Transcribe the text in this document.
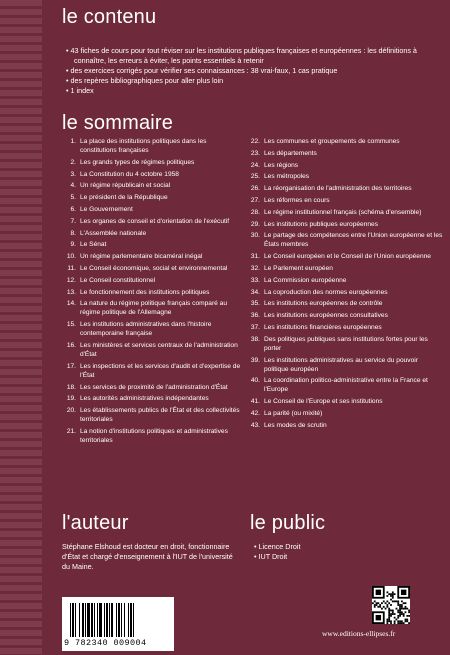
le contenu
• 43 fiches de cours pour tout réviser sur les institutions publiques françaises et européennes : les définitions à connaître, les erreurs à éviter, les points essentiels à retenir
• des exercices corrigés pour vérifier ses connaissances : 38 vrai-faux, 1 cas pratique
• des repères bibliographiques pour aller plus loin
• 1 index
le sommaire
1. La place des institutions politiques dans les constitutions françaises
2. Les grands types de régimes politiques
3. La Constitution du 4 octobre 1958
4. Un régime républicain et social
5. Le président de la République
6. Le Gouvernement
7. Les organes de conseil et d'orientation de l'exécutif
8. L'Assemblée nationale
9. Le Sénat
10. Un régime parlementaire bicaméral inégal
11. Le Conseil économique, social et environnemental
12. Le Conseil constitutionnel
13. Le fonctionnement des institutions politiques
14. La nature du régime politique français comparé au régime politique de l'Allemagne
15. Les institutions administratives dans l'histoire contemporaine française
16. Les ministères et services centraux de l'administration d'État
17. Les inspections et les services d'audit et d'expertise de l'État
18. Les services de proximité de l'administration d'État
19. Les autorités administratives indépendantes
20. Les établissements publics de l'État et des collectivités territoriales
21. La notion d'institutions politiques et administratives territoriales
22. Les communes et groupements de communes
23. Les départements
24. Les régions
25. Les métropoles
26. La réorganisation de l'administration des territoires
27. Les réformes en cours
28. Le régime institutionnel français (schéma d'ensemble)
29. Les institutions publiques européennes
30. Le partage des compétences entre l'Union européenne et les États membres
31. Le Conseil européen et le Conseil de l'Union européenne
32. Le Parlement européen
33. La Commission européenne
34. La coproduction des normes européennes
35. Les institutions européennes de contrôle
36. Les institutions européennes consultatives
37. Les institutions financières européennes
38. Des politiques publiques sans institutions fortes pour les porter
39. Les institutions administratives au service du pouvoir politique européen
40. La coordination politico-administrative entre la France et l'Europe
41. Le Conseil de l'Europe et ses institutions
42. La parité (ou mixité)
43. Les modes de scrutin
l'auteur
Stéphane Elshoud est docteur en droit, fonctionnaire d'État et chargé d'enseignement à l'IUT de l'université du Maine.
le public
• Licence Droit
• IUT Droit
9 782340 009004
www.editions-ellipses.fr
